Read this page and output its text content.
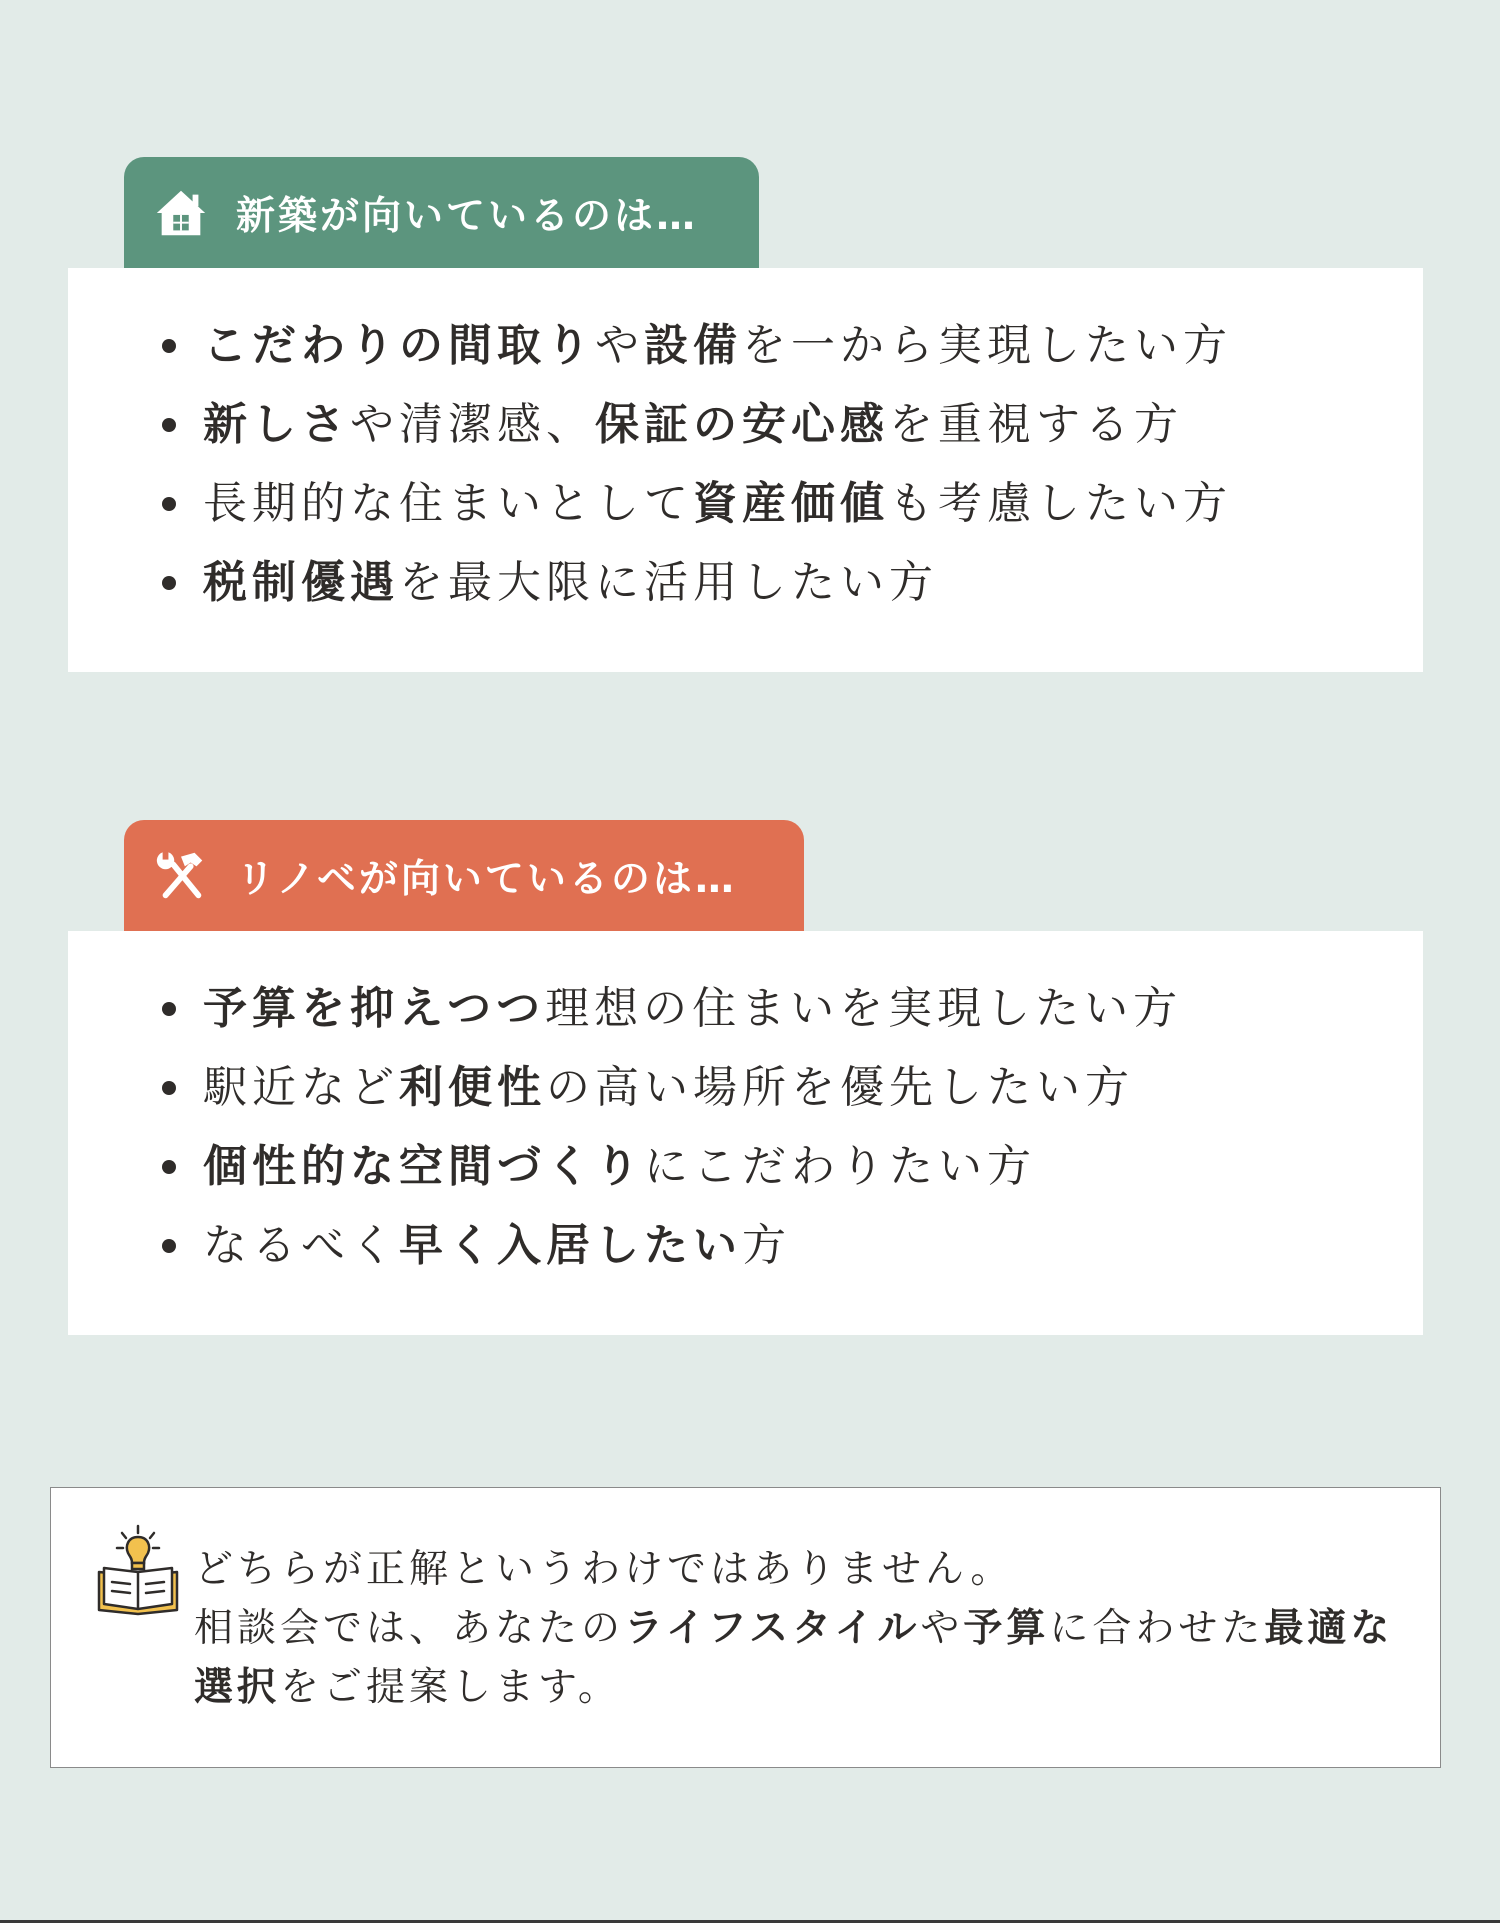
新築が向いているのは…
こだわりの間取りや設備を一から実現したい方
新しさや清潔感、保証の安心感を重視する方
長期的な住まいとして資産価値も考慮したい方
税制優遇を最大限に活用したい方
リノベが向いているのは…
予算を抑えつつ理想の住まいを実現したい方
駅近など利便性の高い場所を優先したい方
個性的な空間づくりにこだわりたい方
なるべく早く入居したい方
どちらが正解というわけではありません。
相談会では、あなたのライフスタイルや予算に合わせた最適な選択をご提案します。
